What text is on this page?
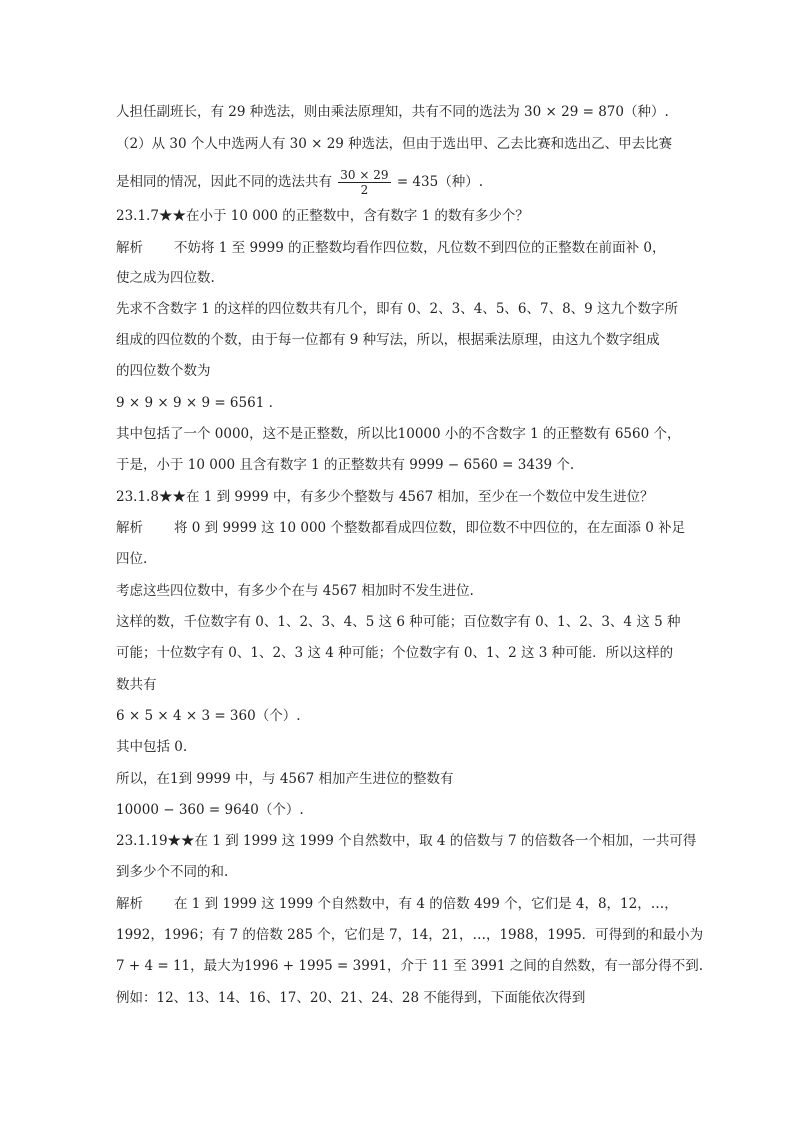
人担任副班长，有 29 种选法，则由乘法原理知，共有不同的选法为 30 × 29 = 870（种）.
（2）从 30 个人中选两人有 30 × 29 种选法，但由于选出甲、乙去比赛和选出乙、甲去比赛
是相同的情况，因此不同的选法共有 $\frac{30 \times 29}{2} = 435$（种）.
23.1.7★★在小于 10 000 的正整数中，含有数字 1 的数有多少个？
解析 不妨将 1 至 9999 的正整数均看作四位数，凡位数不到四位的正整数在前面补 0，
使之成为四位数.
先求不含数字 1 的这样的四位数共有几个，即有 0、2、3、4、5、6、7、8、9 这九个数字所
组成的四位数的个数，由于每一位都有 9 种写法，所以，根据乘法原理，由这九个数字组成
的四位数个数为
9 × 9 × 9 × 9 = 6561 .
其中包括了一个 0000，这不是正整数，所以比10000 小的不含数字 1 的正整数有 6560 个，
于是，小于 10 000 且含有数字 1 的正整数共有 9999 − 6560 = 3439 个.
23.1.8★★在 1 到 9999 中，有多少个整数与 4567 相加，至少在一个数位中发生进位？
解析 将 0 到 9999 这 10 000 个整数都看成四位数，即位数不中四位的，在左面添 0 补足
四位.
考虑这些四位数中，有多少个在与 4567 相加时不发生进位.
这样的数，千位数字有 0、1、2、3、4、5 这 6 种可能；百位数字有 0、1、2、3、4 这 5 种
可能；十位数字有 0、1、2、3 这 4 种可能；个位数字有 0、1、2 这 3 种可能．所以这样的
数共有
6 × 5 × 4 × 3 = 360（个）.
其中包括 0.
所以，在1到 9999 中，与 4567 相加产生进位的整数有
10000 − 360 = 9640（个）.
23.1.19★★在 1 到 1999 这 1999 个自然数中，取 4 的倍数与 7 的倍数各一个相加，一共可得
到多少个不同的和.
解析 在 1 到 1999 这 1999 个自然数中，有 4 的倍数 499 个，它们是 4，8，12，…，
1992，1996；有 7 的倍数 285 个，它们是 7，14，21，…，1988，1995．可得到的和最小为
7 + 4 = 11，最大为1996 + 1995 = 3991，介于 11 至 3991 之间的自然数，有一部分得不到.
例如：12、13、14、16、17、20、21、24、28 不能得到，下面能依次得到
